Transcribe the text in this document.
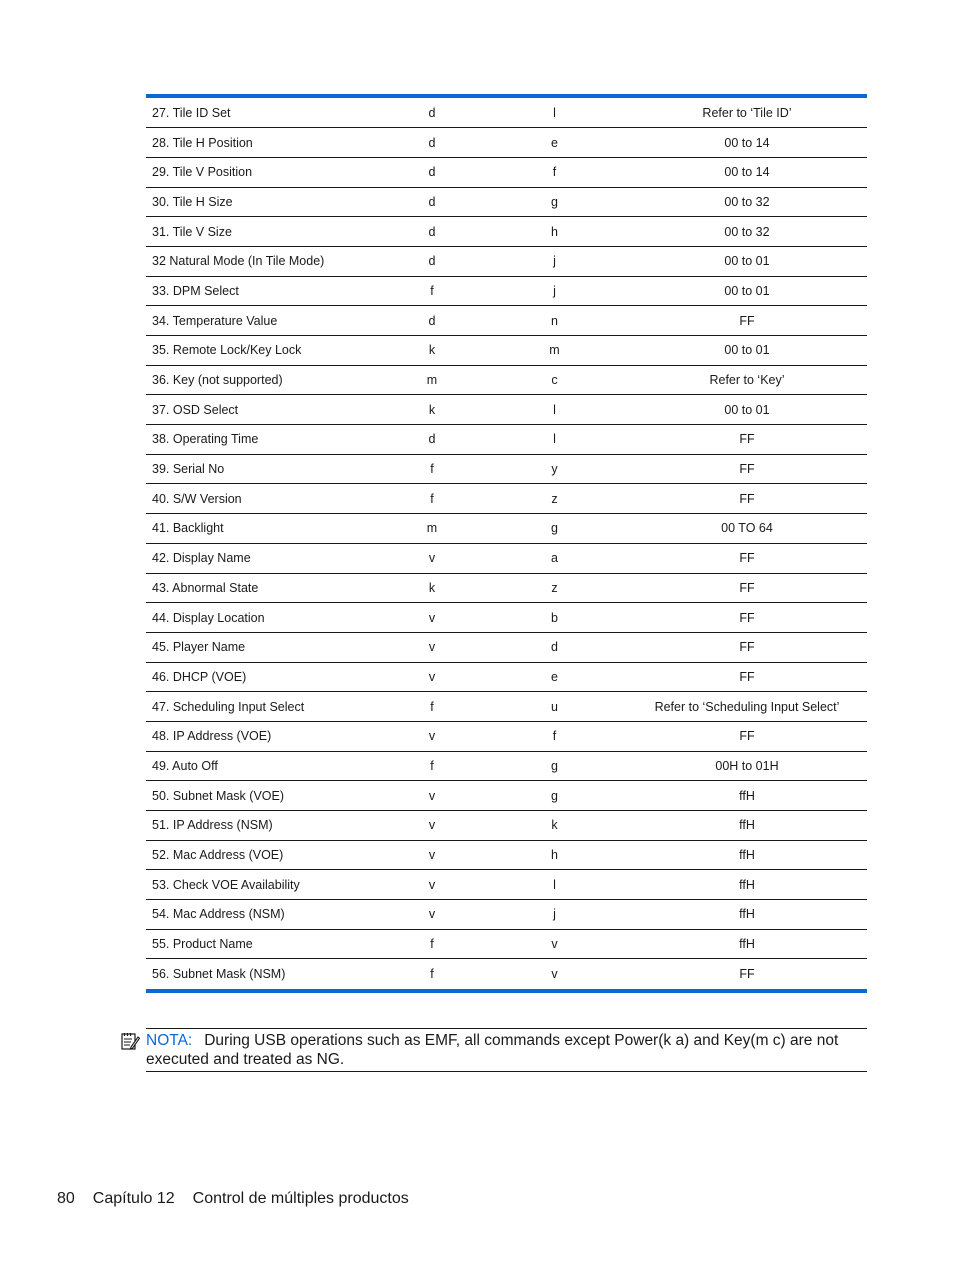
27. Tile ID Set	d	l	Refer to ‘Tile ID’
28. Tile H Position	d	e	00 to 14
29. Tile V Position	d	f	00 to 14
30. Tile H Size	d	g	00 to 32
31. Tile V Size	d	h	00 to 32
32 Natural Mode (In Tile Mode)	d	j	00 to 01
33. DPM Select	f	j	00 to 01
34. Temperature Value	d	n	FF
35. Remote Lock/Key Lock	k	m	00 to 01
36. Key (not supported)	m	c	Refer to ‘Key’
37. OSD Select	k	l	00 to 01
38. Operating Time	d	l	FF
39. Serial No	f	y	FF
40. S/W Version	f	z	FF
41. Backlight	m	g	00 TO 64
42. Display Name	v	a	FF
43. Abnormal State	k	z	FF
44. Display Location	v	b	FF
45. Player Name	v	d	FF
46. DHCP (VOE)	v	e	FF
47. Scheduling Input Select	f	u	Refer to ‘Scheduling Input Select’
48. IP Address (VOE)	v	f	FF
49. Auto Off	f	g	00H to 01H
50. Subnet Mask (VOE)	v	g	ffH
51. IP Address (NSM)	v	k	ffH
52. Mac Address (VOE)	v	h	ffH
53. Check VOE Availability	v	l	ffH
54. Mac Address (NSM)	v	j	ffH
55. Product Name	f	v	ffH
56. Subnet Mask (NSM)	f	v	FF
NOTA: During USB operations such as EMF, all commands except Power(k a) and Key(m c) are not executed and treated as NG.
80 Capítulo 12 Control de múltiples productos
